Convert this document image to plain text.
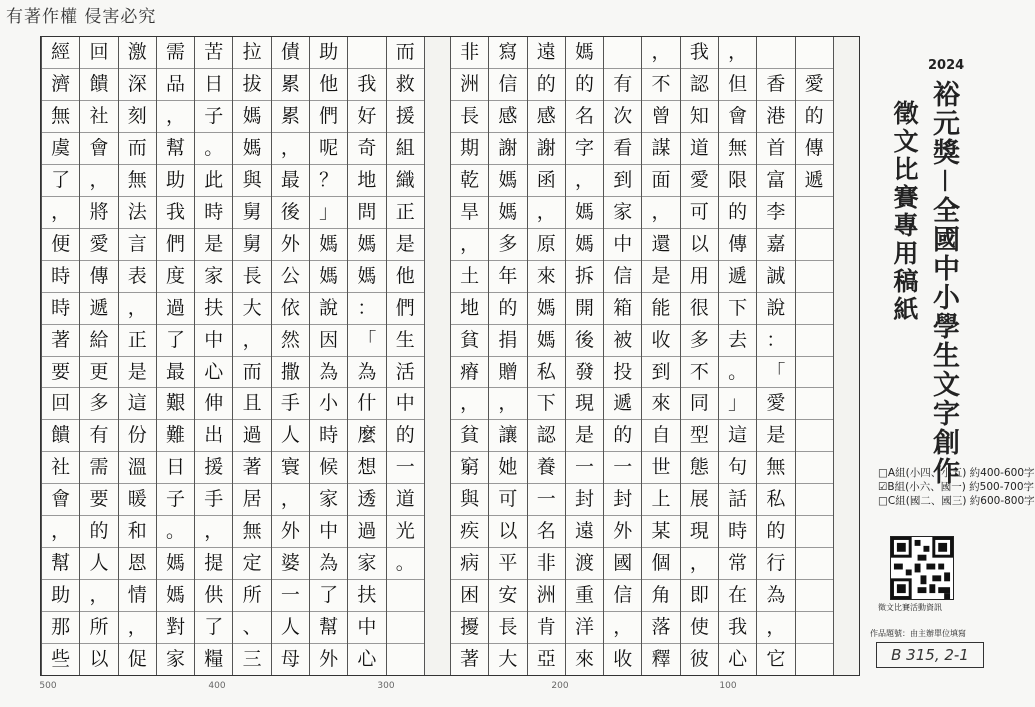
有著作權 侵害必究
愛
的
傳
遞
香
港
首
富
李
嘉
誠
說
：
「
愛
是
無
私
的
行
為
，
它
，
但
會
無
限
的
傳
遞
下
去
。
」
這
句
話
時
常
在
我
心
我
認
知
道
愛
可
以
用
很
多
不
同
型
態
展
現
，
即
使
彼
，
不
曾
謀
面
，
還
是
能
收
到
來
自
世
上
某
個
角
落
釋
有
次
看
到
家
中
信
箱
被
投
遞
的
一
封
外
國
信
，
收
媽
的
名
字
，
媽
媽
拆
開
後
發
現
是
一
封
遠
渡
重
洋
來
遠
的
感
謝
函
，
原
來
媽
媽
私
下
認
養
一
名
非
洲
肯
亞
寫
信
感
謝
媽
媽
多
年
的
捐
贈
，
讓
她
可
以
平
安
長
大
非
洲
長
期
乾
旱
，
土
地
貧
瘠
，
貧
窮
與
疾
病
困
擾
著
而
救
援
組
織
正
是
他
們
生
活
中
的
一
道
光
。
我
好
奇
地
問
媽
媽
：
「
為
什
麼
想
透
過
家
扶
中
心
助
他
們
呢
？
」
媽
媽
說
因
為
小
時
候
家
中
為
了
幫
外
債
累
累
，
最
後
外
公
依
然
撒
手
人
寰
，
外
婆
一
人
母
拉
拔
媽
媽
與
舅
舅
長
大
，
而
且
過
著
居
無
定
所
、
三
苦
日
子
。
此
時
是
家
扶
中
心
伸
出
援
手
，
提
供
了
糧
需
品
，
幫
助
我
們
度
過
了
最
艱
難
日
子
。
媽
媽
對
家
激
深
刻
而
無
法
言
表
，
正
是
這
份
溫
暖
和
恩
情
，
促
回
饋
社
會
，
將
愛
傳
遞
給
更
多
有
需
要
的
人
，
所
以
經
濟
無
虞
了
，
便
時
時
著
要
回
饋
社
會
，
幫
助
那
些
500	400	300	200	100
2024
裕元獎－全國中小學生文字創作
徵文比賽專用稿紙
□A組(小四、小五) 約400-600字
☑B組(小六、國一) 約500-700字
□C組(國二、國三) 約600-800字
徵文比賽活動資訊
作品題號：由主辦單位填寫
B 315, 2-1
